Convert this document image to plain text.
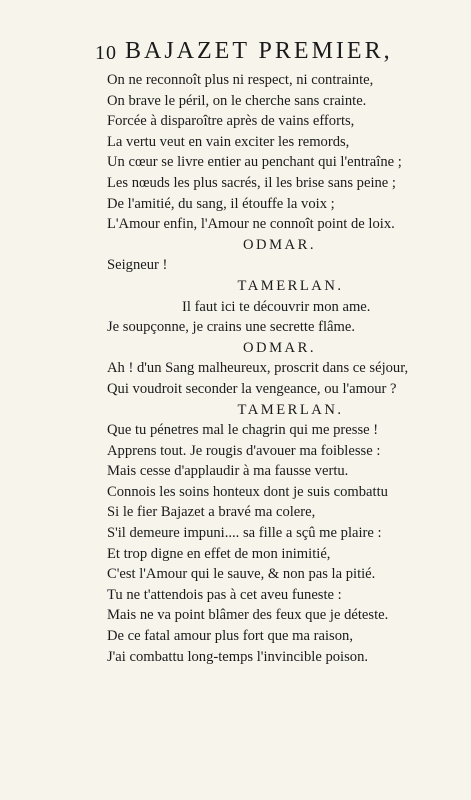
10 BAJAZET PREMIER,
On ne reconnoît plus ni respect, ni contrainte,
On brave le péril, on le cherche sans crainte.
Forcée à disparoître après de vains efforts,
La vertu veut en vain exciter les remords,
Un cœur se livre entier au penchant qui l'entraîne ;
Les nœuds les plus sacrés, il les brise sans peine ;
De l'amitié, du sang, il étouffe la voix ;
L'Amour enfin, l'Amour ne connoît point de loix.
ODMAR.
Seigneur !
TAMERLAN.
Il faut ici te découvrir mon ame.
Je soupçonne, je crains une secrette flâme.
ODMAR.
Ah ! d'un Sang malheureux, proscrit dans ce séjour,
Qui voudroit seconder la vengeance, ou l'amour ?
TAMERLAN.
Que tu pénetres mal le chagrin qui me presse !
Apprens tout. Je rougis d'avouer ma foiblesse :
Mais cesse d'applaudir à ma fausse vertu.
Connois les soins honteux dont je suis combattu
Si le fier Bajazet a bravé ma colere,
S'il demeure impuni.... sa fille a sçû me plaire :
Et trop digne en effet de mon inimitié,
C'est l'Amour qui le sauve, & non pas la pitié.
Tu ne t'attendois pas à cet aveu funeste :
Mais ne va point blâmer des feux que je déteste.
De ce fatal amour plus fort que ma raison,
J'ai combattu long-temps l'invincible poison.
